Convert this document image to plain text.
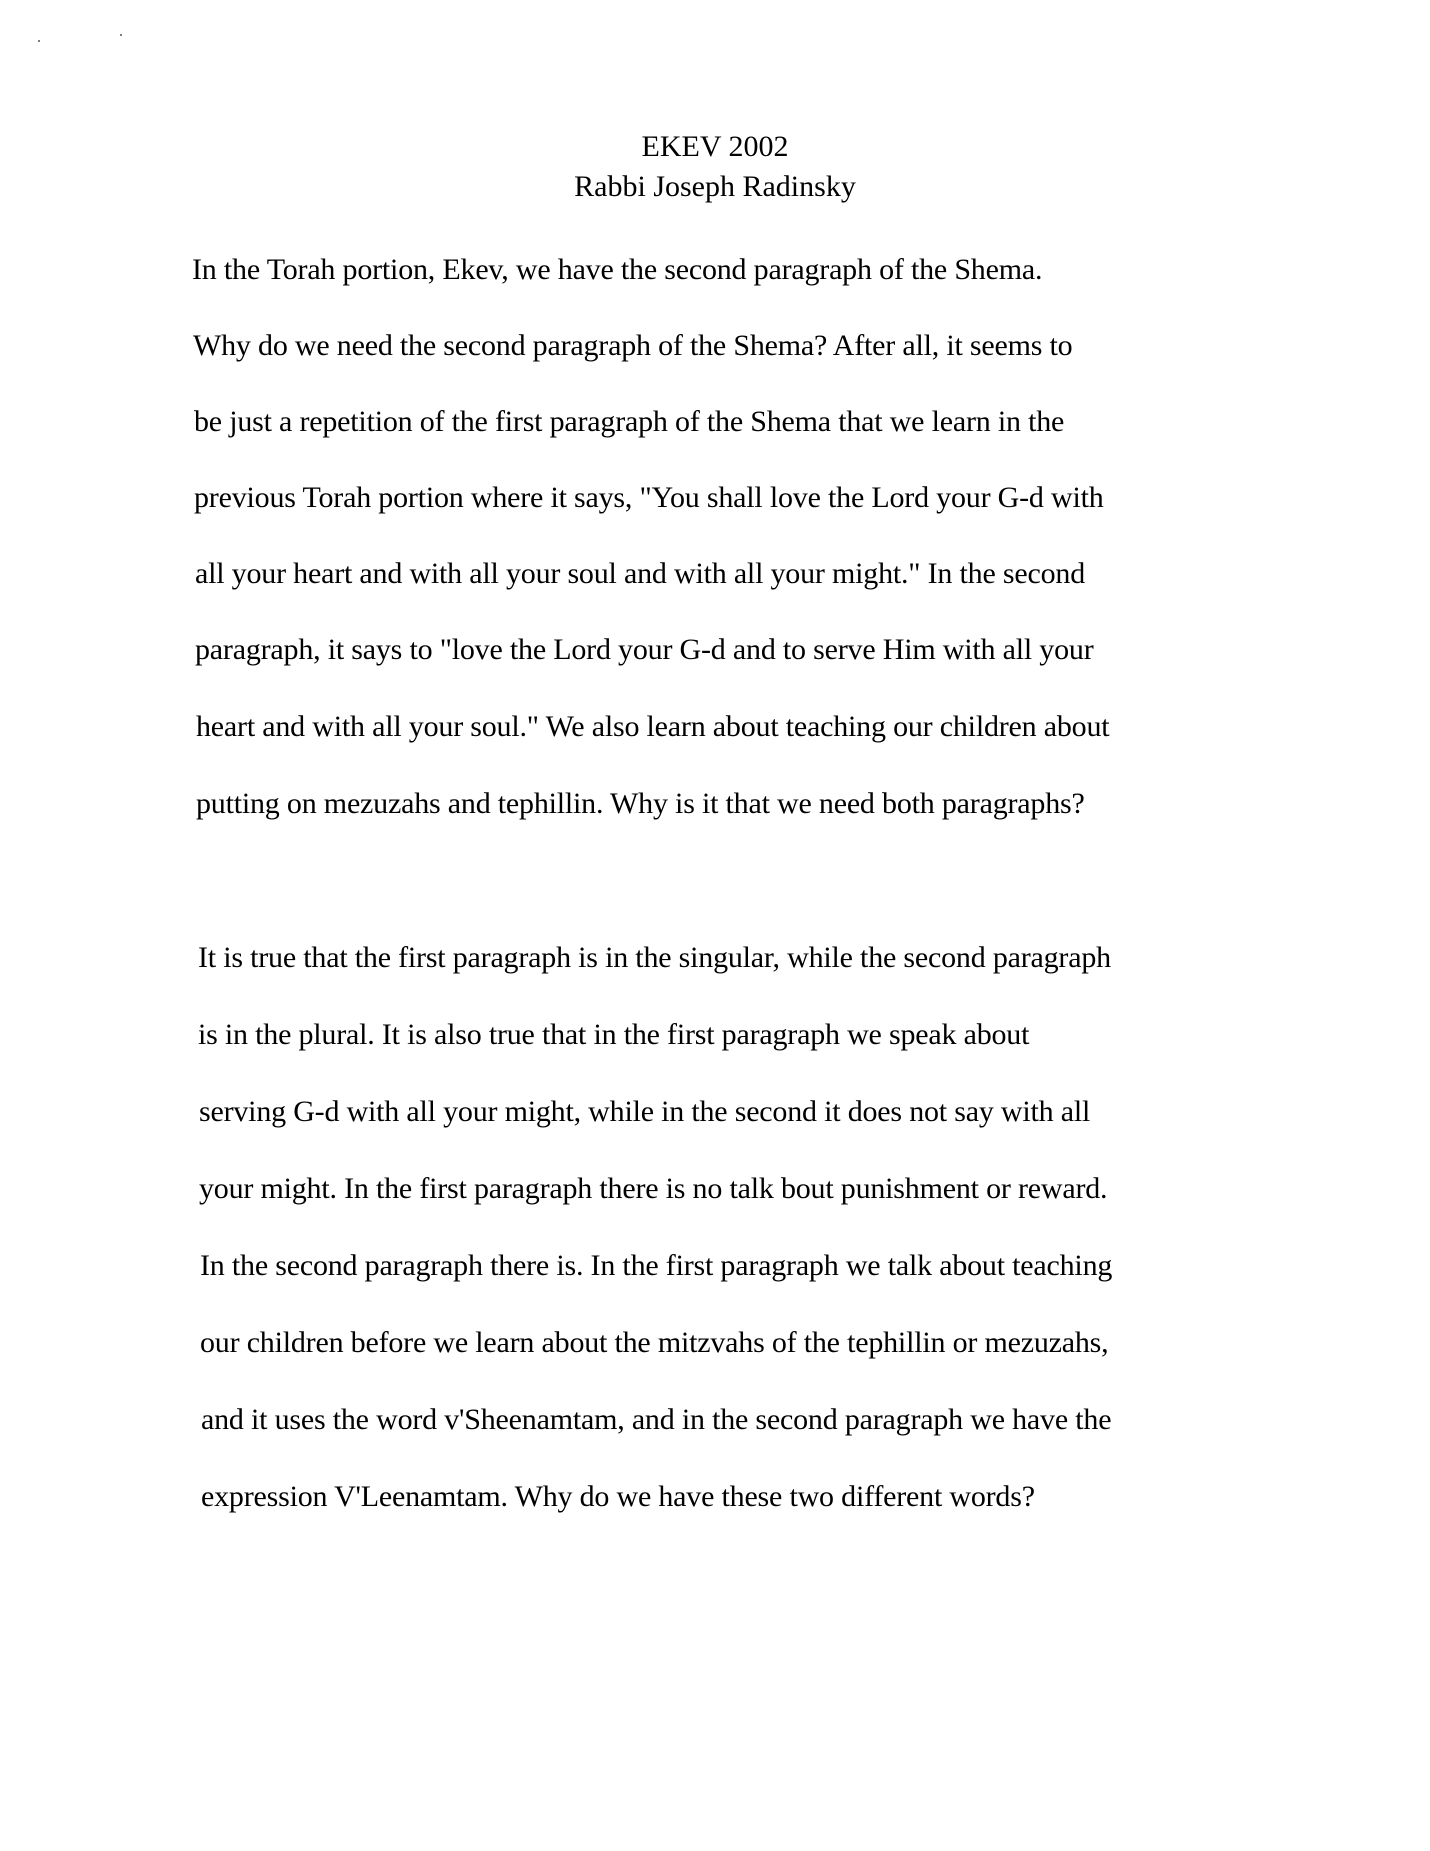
EKEV 2002
Rabbi Joseph Radinsky
In the Torah portion, Ekev, we have the second paragraph of the Shema.
Why do we need the second paragraph of the Shema? After all, it seems to
be just a repetition of the first paragraph of the Shema that we learn in the
previous Torah portion where it says, "You shall love the Lord your G-d with
all your heart and with all your soul and with all your might." In the second
paragraph, it says to "love the Lord your G-d and to serve Him with all your
heart and with all your soul." We also learn about teaching our children about
putting on mezuzahs and tephillin. Why is it that we need both paragraphs?
It is true that the first paragraph is in the singular, while the second paragraph
is in the plural. It is also true that in the first paragraph we speak about
serving G-d with all your might, while in the second it does not say with all
your might. In the first paragraph there is no talk bout punishment or reward.
In the second paragraph there is. In the first paragraph we talk about teaching
our children before we learn about the mitzvahs of the tephillin or mezuzahs,
and it uses the word v'Sheenamtam, and in the second paragraph we have the
expression V'Leenamtam. Why do we have these two different words?
